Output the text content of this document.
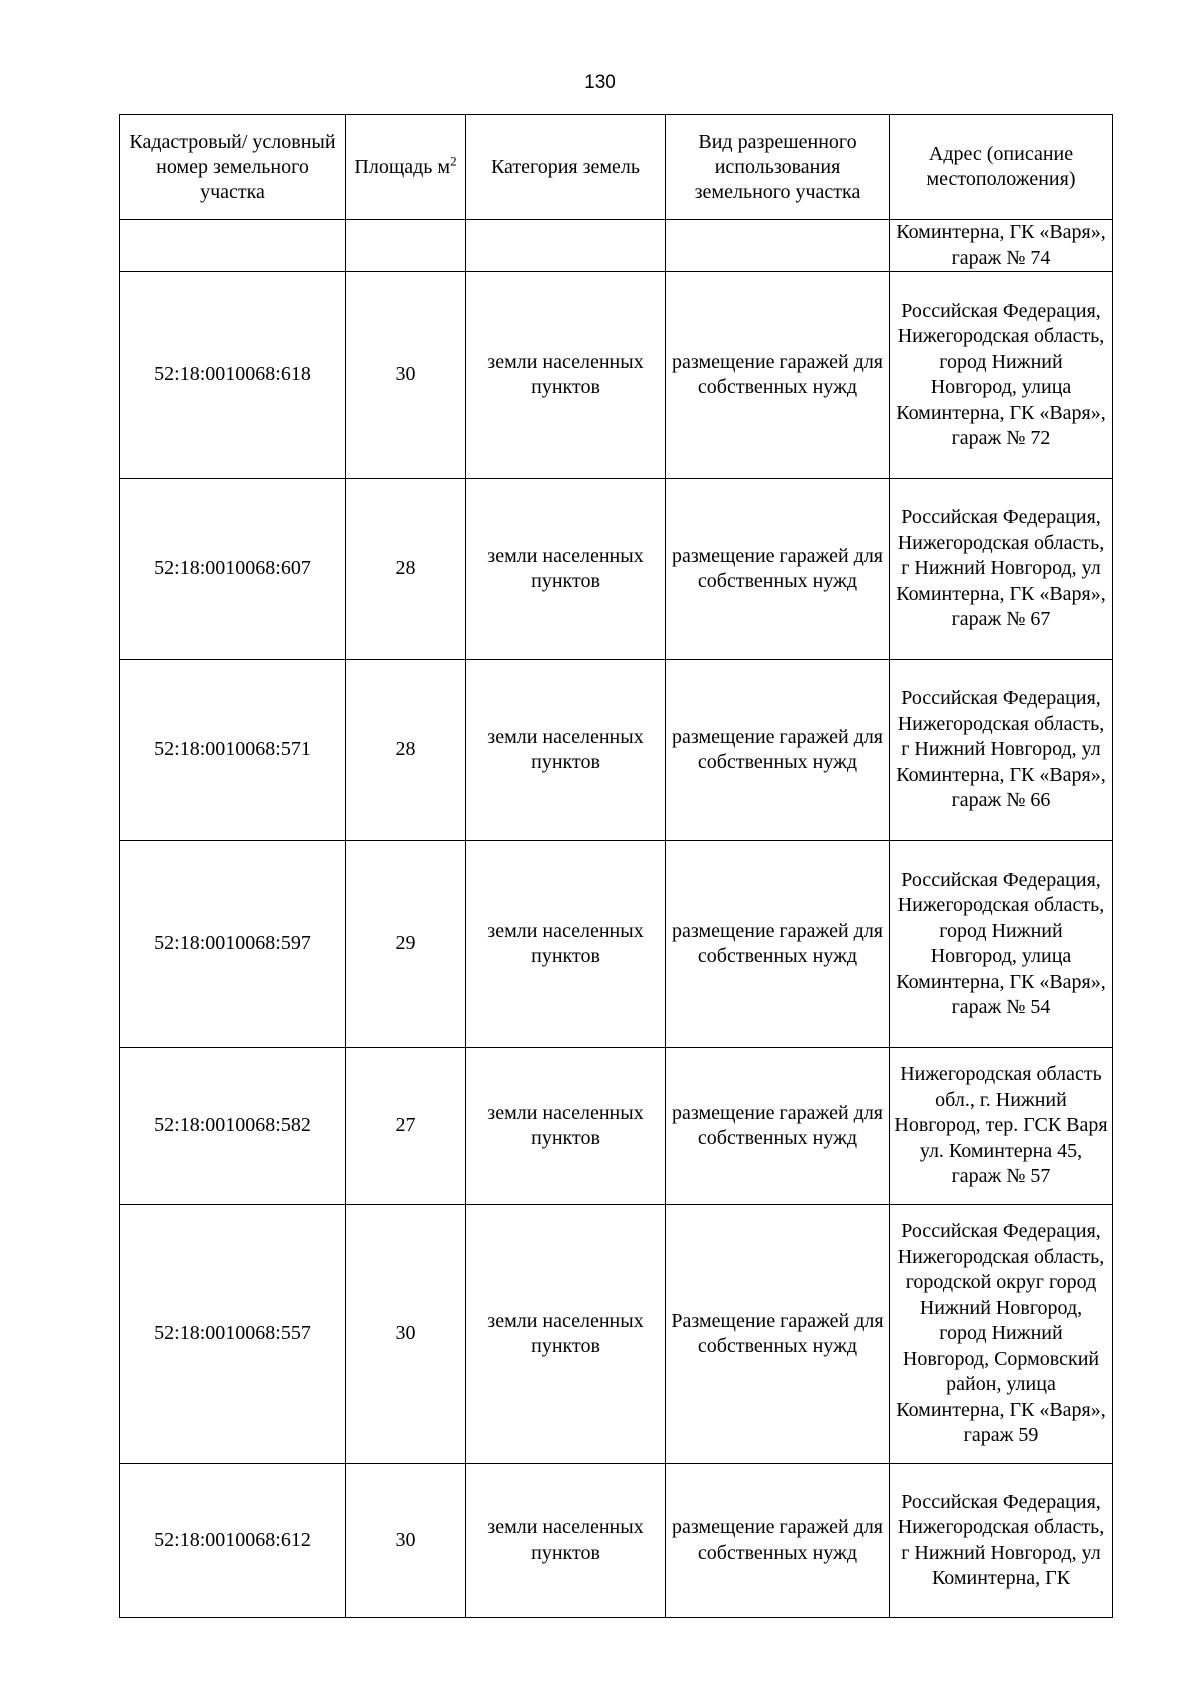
130
Кадастровый/ условный номер земельного участка	Площадь $м^2$	Категория земель	Вид разрешенного использования земельного участка	Адрес (описание местоположения)
				Коминтерна, ГК «Варя», гараж № 74
52:18:0010068:618	30	земли населенных пунктов	размещение гаражей для собственных нужд	Российская Федерация, Нижегородская область, город Нижний Новгород, улица Коминтерна, ГК «Варя», гараж № 72
52:18:0010068:607	28	земли населенных пунктов	размещение гаражей для собственных нужд	Российская Федерация, Нижегородская область, г Нижний Новгород, ул Коминтерна, ГК «Варя», гараж № 67
52:18:0010068:571	28	земли населенных пунктов	размещение гаражей для собственных нужд	Российская Федерация, Нижегородская область, г Нижний Новгород, ул Коминтерна, ГК «Варя», гараж № 66
52:18:0010068:597	29	земли населенных пунктов	размещение гаражей для собственных нужд	Российская Федерация, Нижегородская область, город Нижний Новгород, улица Коминтерна, ГК «Варя», гараж № 54
52:18:0010068:582	27	земли населенных пунктов	размещение гаражей для собственных нужд	Нижегородская область обл., г. Нижний Новгород, тер. ГСК Варя ул. Коминтерна 45, гараж № 57
52:18:0010068:557	30	земли населенных пунктов	Размещение гаражей для собственных нужд	Российская Федерация, Нижегородская область, городской округ город Нижний Новгород, город Нижний Новгород, Сормовский район, улица Коминтерна, ГК «Варя», гараж 59
52:18:0010068:612	30	земли населенных пунктов	размещение гаражей для собственных нужд	Российская Федерация, Нижегородская область, г Нижний Новгород, ул Коминтерна, ГК
